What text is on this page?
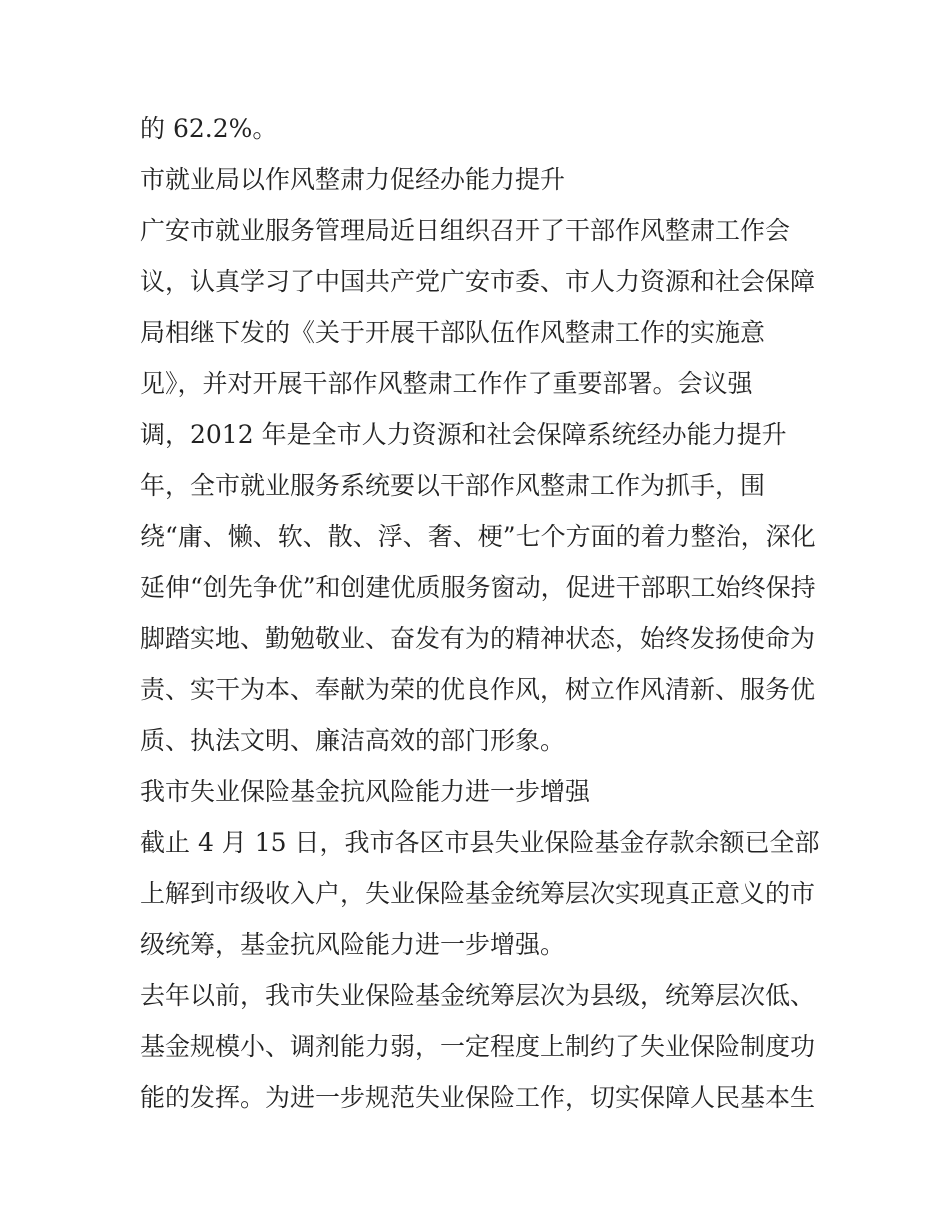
的 62.2%。
市就业局以作风整肃力促经办能力提升
广安市就业服务管理局近日组织召开了干部作风整肃工作会
议，认真学习了中国共产党广安市委、市人力资源和社会保障
局相继下发的《关于开展干部队伍作风整肃工作的实施意
见》，并对开展干部作风整肃工作作了重要部署。会议强
调，2012 年是全市人力资源和社会保障系统经办能力提升
年，全市就业服务系统要以干部作风整肃工作为抓手，围
绕“庸、懒、软、散、浮、奢、梗”七个方面的着力整治，深化
延伸“创先争优”和创建优质服务窗动，促进干部职工始终保持
脚踏实地、勤勉敬业、奋发有为的精神状态，始终发扬使命为
责、实干为本、奉献为荣的优良作风，树立作风清新、服务优
质、执法文明、廉洁高效的部门形象。
我市失业保险基金抗风险能力进一步增强
截止 4 月 15 日，我市各区市县失业保险基金存款余额已全部
上解到市级收入户，失业保险基金统筹层次实现真正意义的市
级统筹，基金抗风险能力进一步增强。
去年以前，我市失业保险基金统筹层次为县级，统筹层次低、
基金规模小、调剂能力弱，一定程度上制约了失业保险制度功
能的发挥。为进一步规范失业保险工作，切实保障人民基本生
